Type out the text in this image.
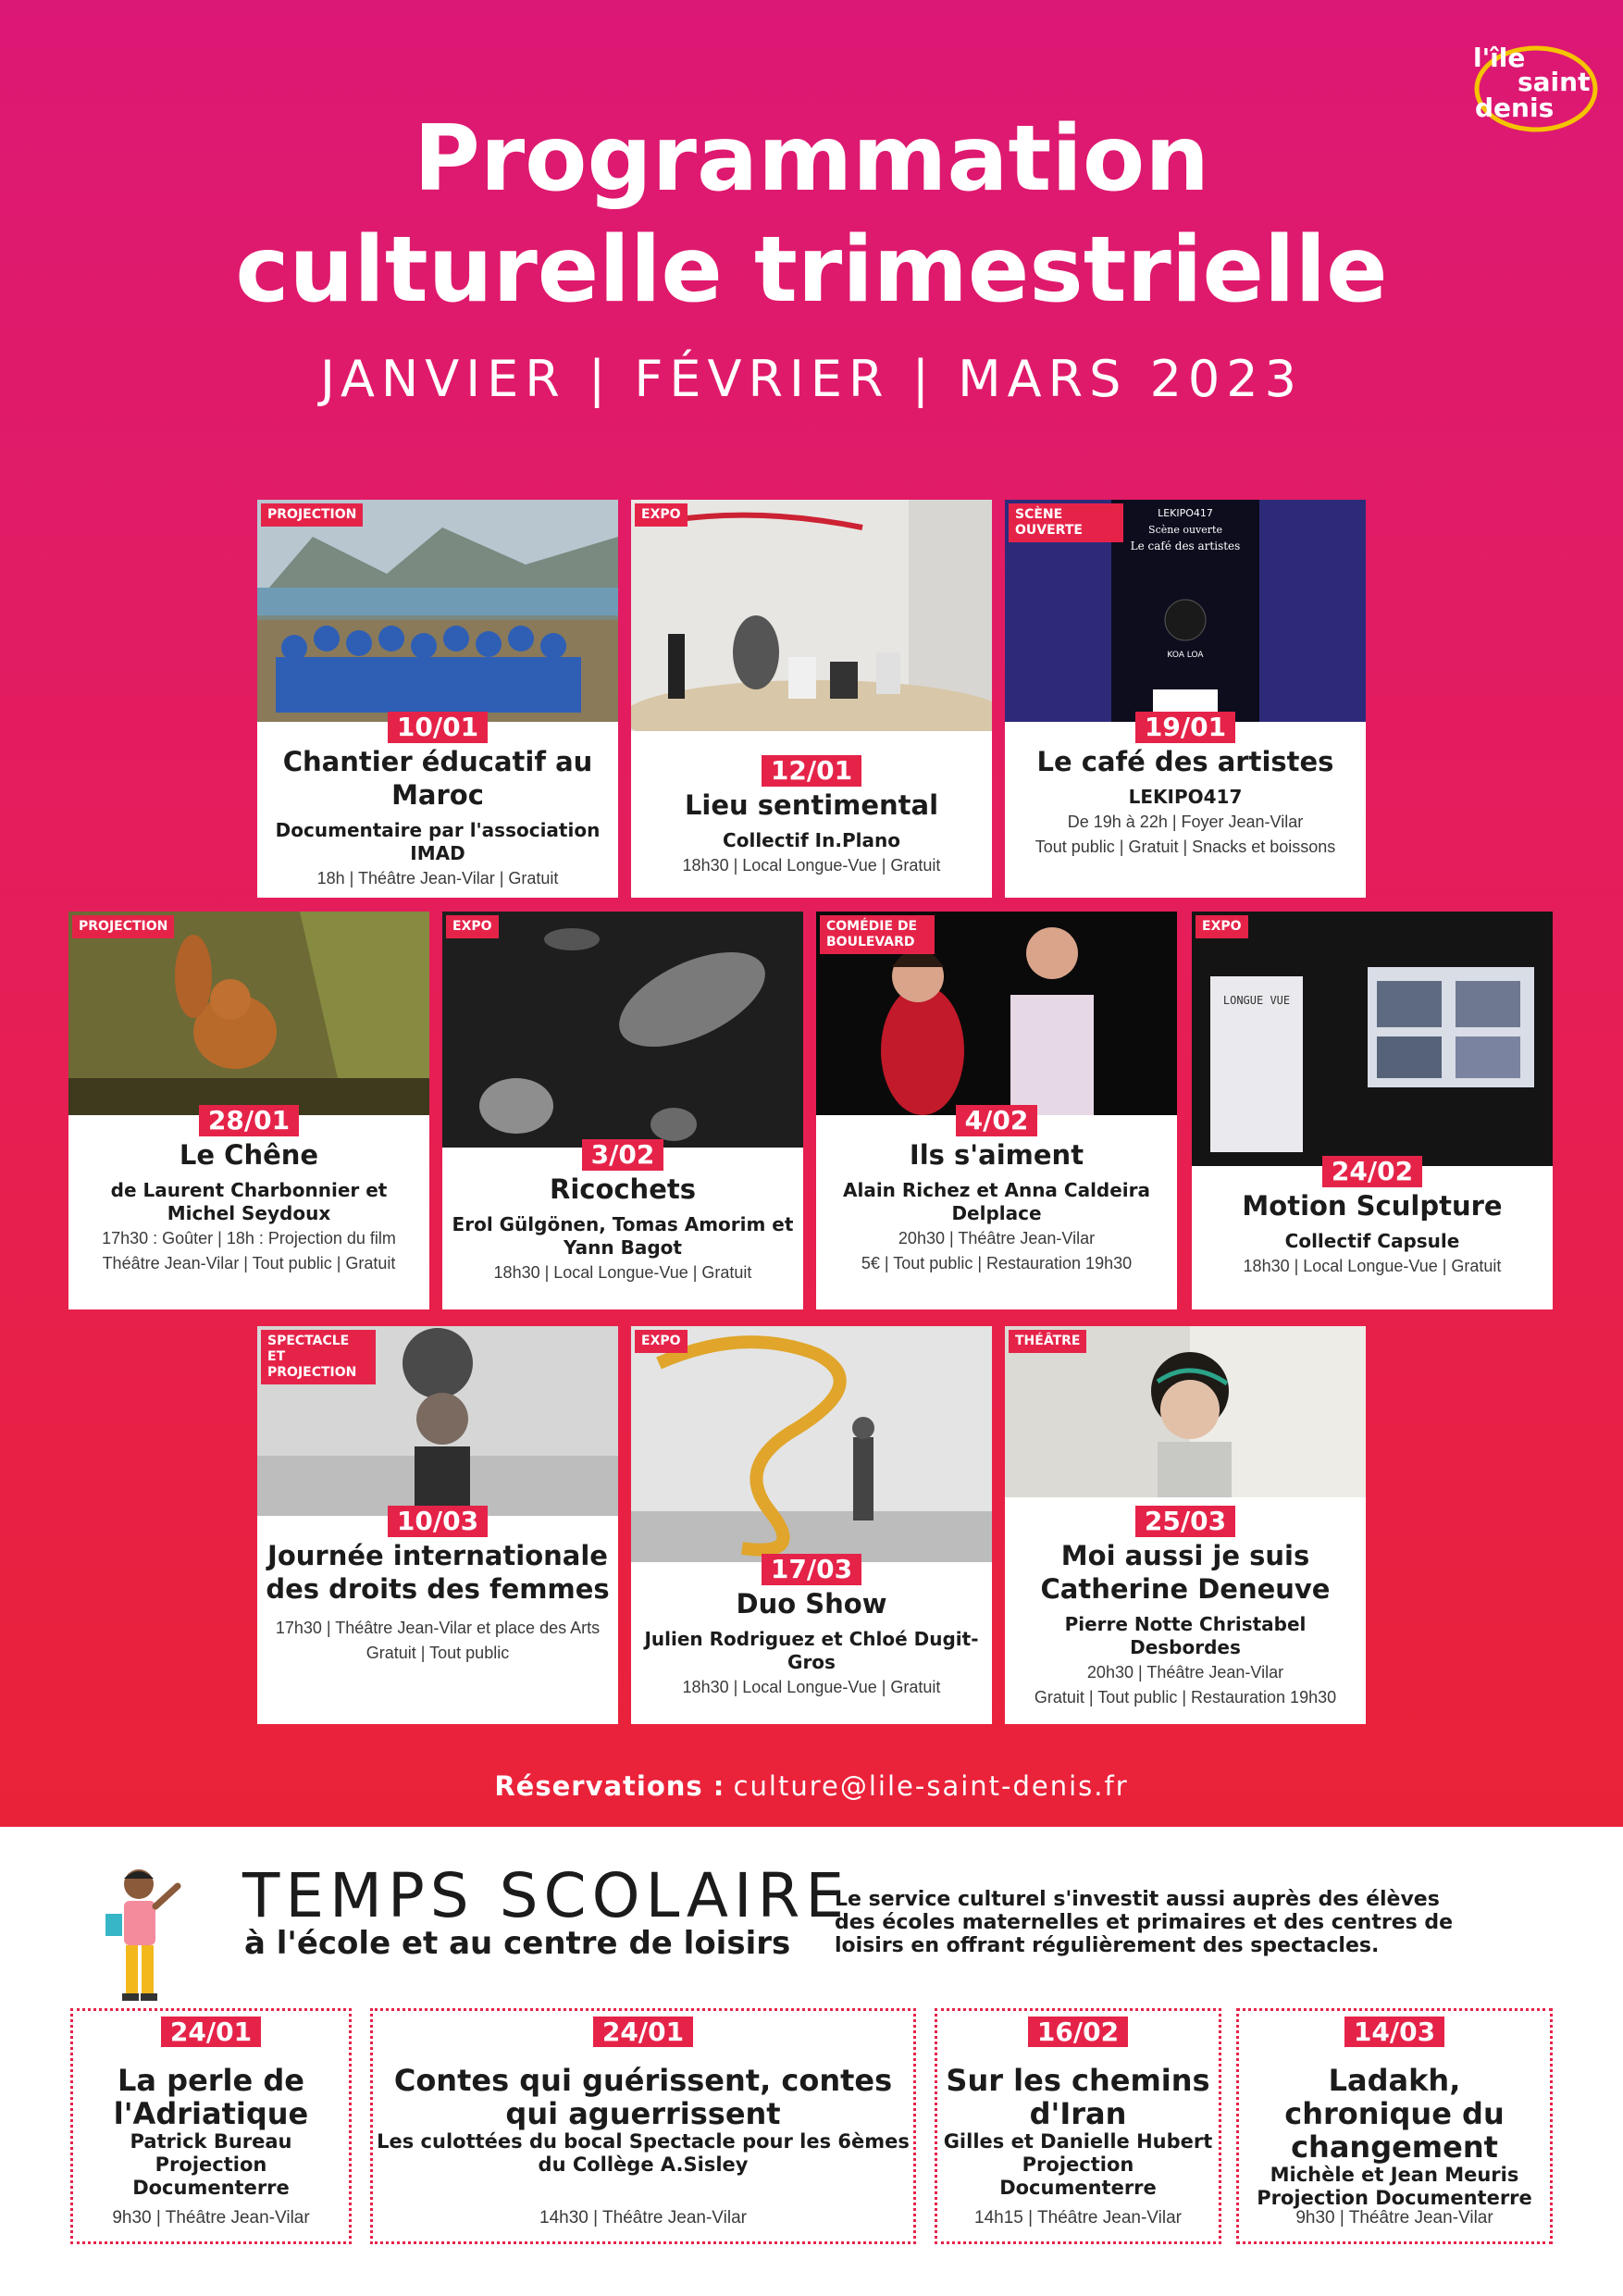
l'île
saint
denis
Programmation
culturelle trimestrielle
JANVIER | FÉVRIER | MARS 2023
PROJECTION
10/01
Chantier éducatif au Maroc
Documentaire par l'association IMAD
18h | Théâtre Jean-Vilar | Gratuit
EXPO
12/01
Lieu sentimental
Collectif In.Plano
18h30 | Local Longue-Vue | Gratuit
LEKIPO417
Scène ouverte
Le café des artistes
KOA LOA
SCÈNE OUVERTE
19/01
Le café des artistes
LEKIPO417
De 19h à 22h | Foyer Jean-Vilar
Tout public | Gratuit | Snacks et boissons
PROJECTION
28/01
Le Chêne
de Laurent Charbonnier et Michel Seydoux
17h30 : Goûter | 18h : Projection du film
Théâtre Jean-Vilar | Tout public | Gratuit
EXPO
3/02
Ricochets
Erol Gülgönen, Tomas Amorim et Yann Bagot
18h30 | Local Longue-Vue | Gratuit
COMÉDIE DE BOULEVARD
4/02
Ils s'aiment
Alain Richez et Anna Caldeira Delplace
20h30 | Théâtre Jean-Vilar
5€ | Tout public | Restauration 19h30
LONGUE VUE
EXPO
24/02
Motion Sculpture
Collectif Capsule
18h30 | Local Longue-Vue | Gratuit
SPECTACLE ET PROJECTION
10/03
Journée internationale des droits des femmes
17h30 | Théâtre Jean-Vilar et place des Arts
Gratuit | Tout public
EXPO
17/03
Duo Show
Julien Rodriguez et Chloé Dugit-Gros
18h30 | Local Longue-Vue | Gratuit
THÉÂTRE
25/03
Moi aussi je suis Catherine Deneuve
Pierre Notte Christabel Desbordes
20h30 | Théâtre Jean-Vilar
Gratuit | Tout public | Restauration 19h30
Réservations : culture@lile-saint-denis.fr
TEMPS SCOLAIRE
à l'école et au centre de loisirs
Le service culturel s'investit aussi auprès des élèves des écoles maternelles et primaires et des centres de loisirs en offrant régulièrement des spectacles.
24/01
La perle de l'Adriatique
Patrick Bureau Projection Documenterre
9h30 | Théâtre Jean-Vilar
24/01
Contes qui guérissent, contes qui aguerrissent
Les culottées du bocal Spectacle pour les 6èmes du Collège A.Sisley
14h30 | Théâtre Jean-Vilar
16/02
Sur les chemins d'Iran
Gilles et Danielle Hubert Projection Documenterre
14h15 | Théâtre Jean-Vilar
14/03
Ladakh, chronique du changement
Michèle et Jean Meuris Projection Documenterre
9h30 | Théâtre Jean-Vilar
